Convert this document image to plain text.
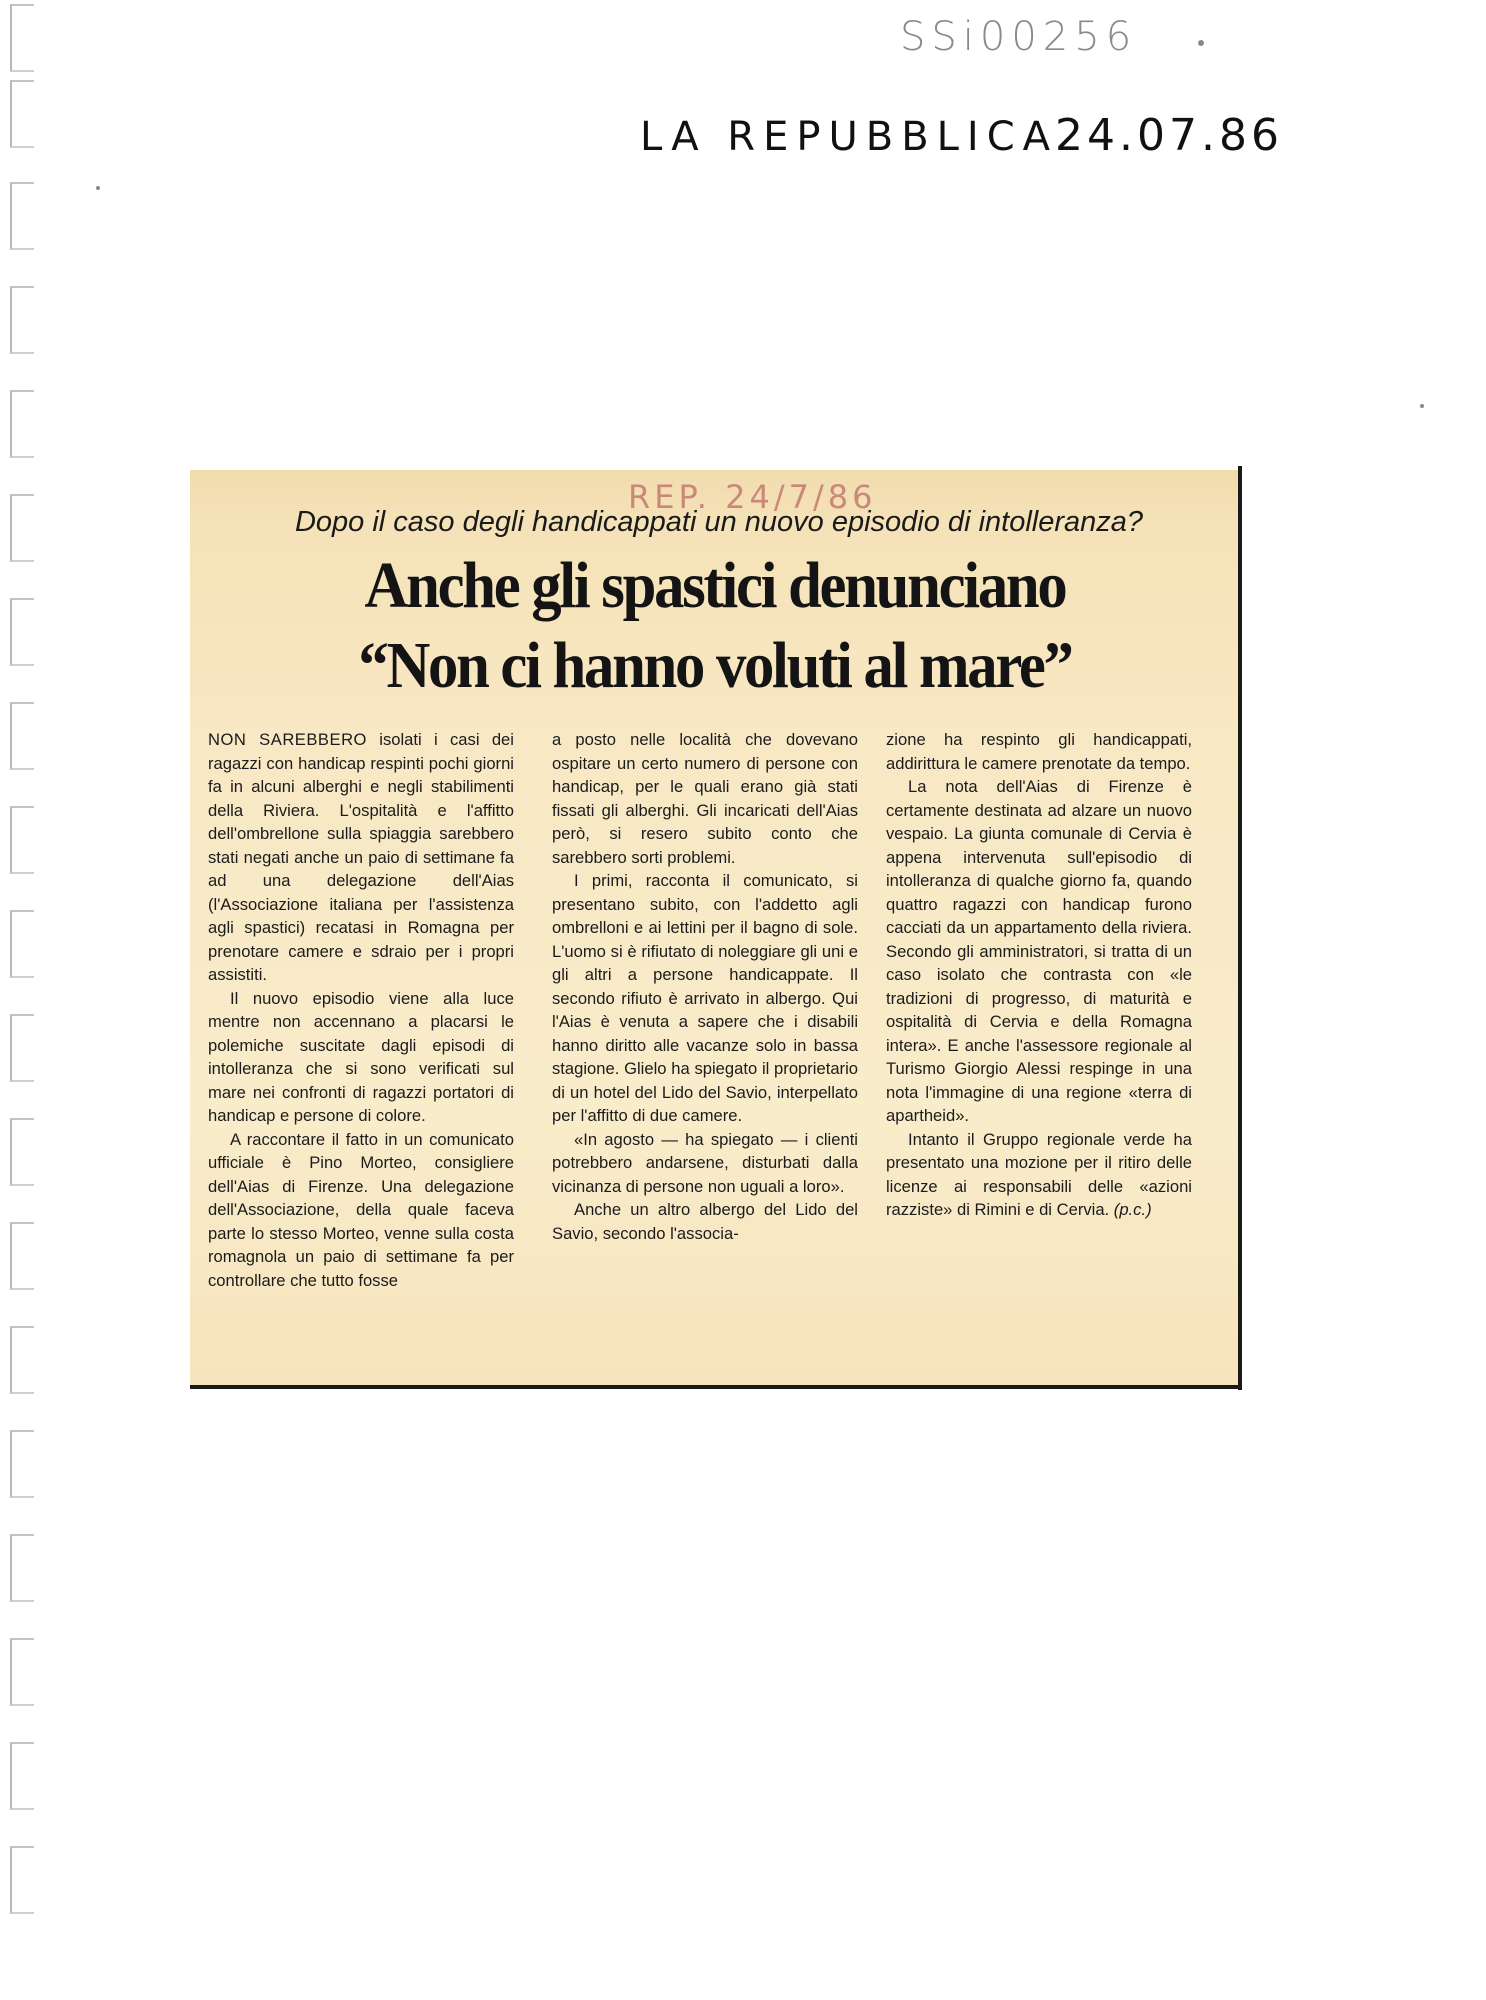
SSi00256
LA REPUBBLICA
24.07.86
REP. 24/7/86
Dopo il caso degli handicappati un nuovo episodio di intolleranza?
Anche gli spastici denunciano
“Non ci hanno voluti al mare”

NON SAREBBERO isolati i casi dei ragazzi con handicap respinti pochi giorni fa in alcuni alberghi e negli stabilimenti della Riviera. L'ospitalità e l'affitto dell'ombrellone sulla spiaggia sarebbero stati negati anche un paio di settimane fa ad una delegazione dell'Aias (l'Associazione italiana per l'assistenza agli spastici) recatasi in Romagna per prenotare camere e sdraio per i propri assistiti.

Il nuovo episodio viene alla luce mentre non accennano a placarsi le polemiche suscitate dagli episodi di intolleranza che si sono verificati sul mare nei confronti di ragazzi portatori di handicap e persone di colore.

A raccontare il fatto in un comunicato ufficiale è Pino Morteo, consigliere dell'Aias di Firenze. Una delegazione dell'Associazione, della quale faceva parte lo stesso Morteo, venne sulla costa romagnola un paio di settimane fa per controllare che tutto fosse

a posto nelle località che dovevano ospitare un certo numero di persone con handicap, per le quali erano già stati fissati gli alberghi. Gli incaricati dell'Aias però, si resero subito conto che sarebbero sorti problemi.

I primi, racconta il comunicato, si presentano subito, con l'addetto agli ombrelloni e ai lettini per il bagno di sole. L'uomo si è rifiutato di noleggiare gli uni e gli altri a persone handicappate. Il secondo rifiuto è arrivato in albergo. Qui l'Aias è venuta a sapere che i disabili hanno diritto alle vacanze solo in bassa stagione. Glielo ha spiegato il proprietario di un hotel del Lido del Savio, interpellato per l'affitto di due camere.

«In agosto — ha spiegato — i clienti potrebbero andarsene, disturbati dalla vicinanza di persone non uguali a loro».

Anche un altro albergo del Lido del Savio, secondo l'associa-

zione ha respinto gli handicappati, addirittura le camere prenotate da tempo.

La nota dell'Aias di Firenze è certamente destinata ad alzare un nuovo vespaio. La giunta comunale di Cervia è appena intervenuta sull'episodio di intolleranza di qualche giorno fa, quando quattro ragazzi con handicap furono cacciati da un appartamento della riviera. Secondo gli amministratori, si tratta di un caso isolato che contrasta con «le tradizioni di progresso, di maturità e ospitalità di Cervia e della Romagna intera». E anche l'assessore regionale al Turismo Giorgio Alessi respinge in una nota l'immagine di una regione «terra di apartheid».

Intanto il Gruppo regionale verde ha presentato una mozione per il ritiro delle licenze ai responsabili delle «azioni razziste» di Rimini e di Cervia. (p.c.)
